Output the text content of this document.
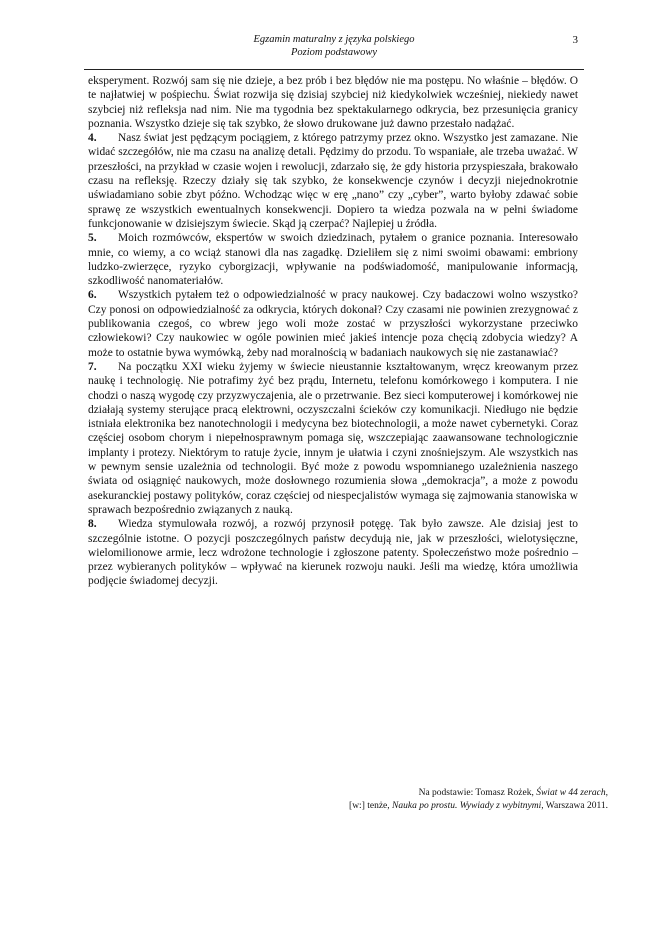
Egzamin maturalny z języka polskiego
Poziom podstawowy
3

eksperyment. Rozwój sam się nie dzieje, a bez prób i bez błędów nie ma postępu. No właśnie – błędów. O te najłatwiej w pośpiechu. Świat rozwija się dzisiaj szybciej niż kiedykolwiek wcześniej, niekiedy nawet szybciej niż refleksja nad nim. Nie ma tygodnia bez spektakularnego odkrycia, bez przesunięcia granicy poznania. Wszystko dzieje się tak szybko, że słowo drukowane już dawno przestało nadążać.

4. Nasz świat jest pędzącym pociągiem, z którego patrzymy przez okno. Wszystko jest zamazane. Nie widać szczegółów, nie ma czasu na analizę detali. Pędzimy do przodu. To wspaniałe, ale trzeba uważać. W przeszłości, na przykład w czasie wojen i rewolucji, zdarzało się, że gdy historia przyspieszała, brakowało czasu na refleksję. Rzeczy działy się tak szybko, że konsekwencje czynów i decyzji niejednokrotnie uświadamiano sobie zbyt późno. Wchodząc więc w erę „nano” czy „cyber”, warto byłoby zdawać sobie sprawę ze wszystkich ewentualnych konsekwencji. Dopiero ta wiedza pozwala na w pełni świadome funkcjonowanie w dzisiejszym świecie. Skąd ją czerpać? Najlepiej u źródła.

5. Moich rozmówców, ekspertów w swoich dziedzinach, pytałem o granice poznania. Interesowało mnie, co wiemy, a co wciąż stanowi dla nas zagadkę. Dzieliłem się z nimi swoimi obawami: embriony ludzko-zwierzęce, ryzyko cyborgizacji, wpływanie na podświadomość, manipulowanie informacją, szkodliwość nanomateriałów.

6. Wszystkich pytałem też o odpowiedzialność w pracy naukowej. Czy badaczowi wolno wszystko? Czy ponosi on odpowiedzialność za odkrycia, których dokonał? Czy czasami nie powinien zrezygnować z publikowania czegoś, co wbrew jego woli może zostać w przyszłości wykorzystane przeciwko człowiekowi? Czy naukowiec w ogóle powinien mieć jakieś intencje poza chęcią zdobycia wiedzy? A może to ostatnie bywa wymówką, żeby nad moralnością w badaniach naukowych się nie zastanawiać?

7. Na początku XXI wieku żyjemy w świecie nieustannie kształtowanym, wręcz kreowanym przez naukę i technologię. Nie potrafimy żyć bez prądu, Internetu, telefonu komórkowego i komputera. I nie chodzi o naszą wygodę czy przyzwyczajenia, ale o przetrwanie. Bez sieci komputerowej i komórkowej nie działają systemy sterujące pracą elektrowni, oczyszczalni ścieków czy komunikacji. Niedługo nie będzie istniała elektronika bez nanotechnologii i medycyna bez biotechnologii, a może nawet cybernetyki. Coraz częściej osobom chorym i niepełnosprawnym pomaga się, wszczepiając zaawansowane technologicznie implanty i protezy. Niektórym to ratuje życie, innym je ułatwia i czyni znośniejszym. Ale wszystkich nas w pewnym sensie uzależnia od technologii. Być może z powodu wspomnianego uzależnienia naszego świata od osiągnięć naukowych, może dosłownego rozumienia słowa „demokracja”, a może z powodu asekuranckiej postawy polityków, coraz częściej od niespecjalistów wymaga się zajmowania stanowiska w sprawach bezpośrednio związanych z nauką.

8. Wiedza stymulowała rozwój, a rozwój przynosił potęgę. Tak było zawsze. Ale dzisiaj jest to szczególnie istotne. O pozycji poszczególnych państw decydują nie, jak w przeszłości, wielotysięczne, wielomilionowe armie, lecz wdrożone technologie i zgłoszone patenty. Społeczeństwo może pośrednio – przez wybieranych polityków – wpływać na kierunek rozwoju nauki. Jeśli ma wiedzę, która umożliwia podjęcie świadomej decyzji.

Na podstawie: Tomasz Rożek, Świat w 44 zerach,
[w:] tenże, Nauka po prostu. Wywiady z wybitnymi, Warszawa 2011.
